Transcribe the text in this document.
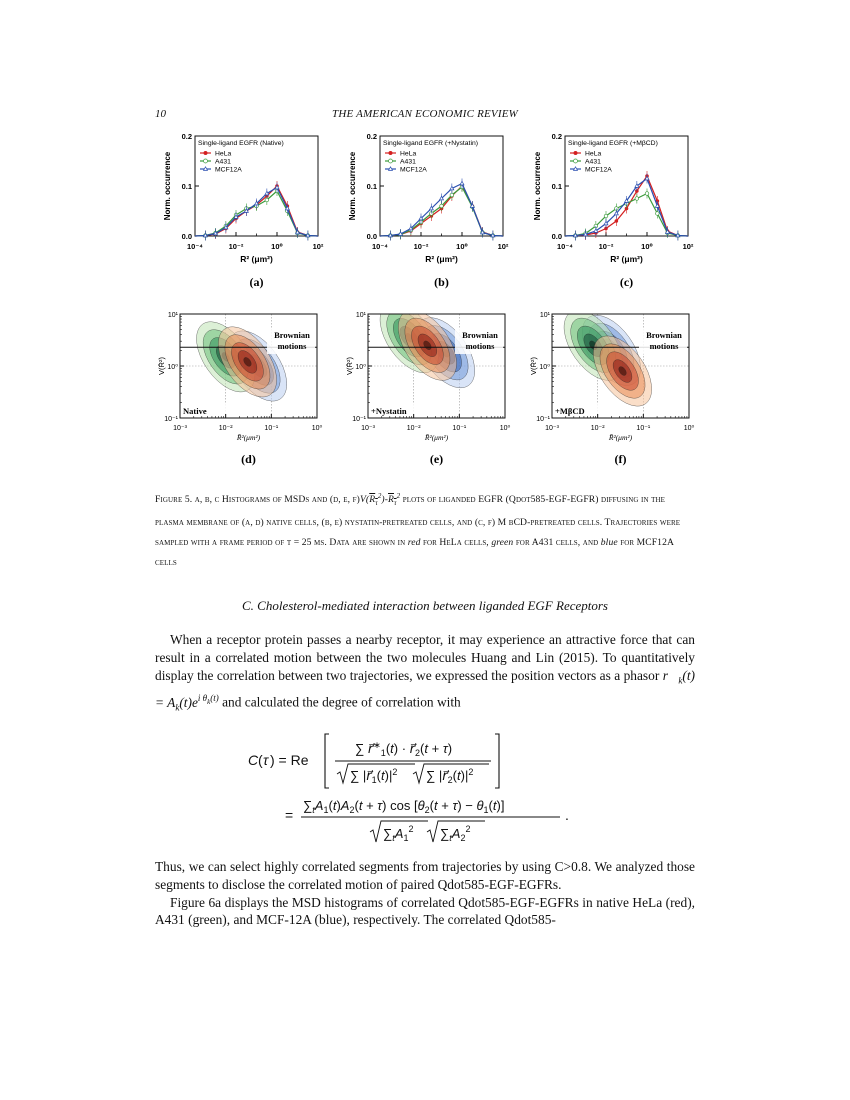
10	THE AMERICAN ECONOMIC REVIEW
0.0
0.1
0.2
10⁻⁴	10⁻²	10⁰	10²
R² (μm²)
Norm. occurrence
Single-ligand EGFR (Native)
HeLa
A431
MCF12A
(a)
0.0
0.1
0.2
10⁻⁴	10⁻²	10⁰	10²
R² (μm²)
Norm. occurrence
Single-ligand EGFR (+Nystatin)
HeLa
A431
MCF12A
(b)
0.0
0.1
0.2
10⁻⁴	10⁻²	10⁰	10²
R² (μm²)
Norm. occurrence
Single-ligand EGFR (+MβCD)
HeLa
A431
MCF12A
(c)
Brownian
motions
Native
10⁻³	10⁻²	10⁻¹	10⁰
10⁻¹
10⁰
10¹
R̄²(μm²)
V(R̄²)
(d)
Brownian
motions
+Nystatin
10⁻³	10⁻²	10⁻¹	10⁰
10⁻¹
10⁰
10¹
R̄²(μm²)
V(R̄²)
(e)
Brownian
motions
+MβCD
10⁻³	10⁻²	10⁻¹	10⁰
10⁻¹
10⁰
10¹
R̄²(μm²)
V(R̄²)
(f)
Figure 5. a, b, c Histograms of MSDs and (d, e, $f)V(R_\tau^2)-R_\tau^2$ plots of liganded EGFR (Qdot585-EGF-EGFR) diffusing in the plasma membrane of (a, d) native cells, (b, e) nystatin-pretreated cells, and (c, f) M βCD-pretreated cells. Trajectories were sampled with a frame period of τ = 25 ms. Data are shown in red for HeLa cells, green for A431 cells, and blue for MCF12A cells
C. Cholesterol-mediated interaction between liganded EGF Receptors

When a receptor protein passes a nearby receptor, it may experience an attractive force that can result in a correlated motion between the two molecules Huang and Lin (2015). To quantitatively display the correlation between two trajectories, we expressed the position vectors as a phasor $r⃗_k(t) = A_k(t)e^{i \theta_k(t)}$ and calculated the degree of correlation with

C ( τ ) = Re
∑ $r⃗^∗_1(t)$ · $r⃗_2(t + \tau)$
∑ $|r⃗_1(t)|^2$ ∑ $|r⃗_2(t)|^2$
=
$\sum_tA_1(t)A_2(t + \tau)$ $\cos [\theta_2(t + \tau) - \theta_1(t)]$
$\sum_tA_1^2$ $\sum_tA_2^2$
.

Thus, we can select highly correlated segments from trajectories by using C>0.8. We analyzed those segments to disclose the correlated motion of paired Qdot585-EGF-EGFRs.

Figure 6a displays the MSD histograms of correlated Qdot585-EGF-EGFRs in native HeLa (red), A431 (green), and MCF-12A (blue), respectively. The correlated Qdot585-
